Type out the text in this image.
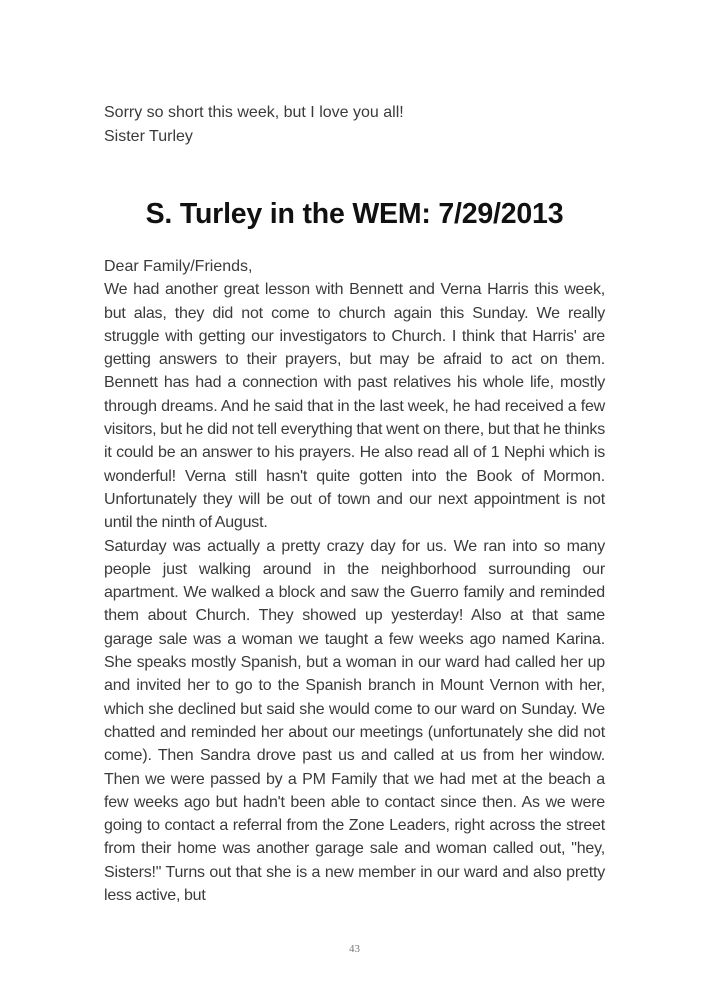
Sorry so short this week, but I love you all!

Sister Turley

S. Turley in the WEM: 7/29/2013

Dear Family/Friends,

We had another great lesson with Bennett and Verna Harris this week, but alas, they did not come to church again this Sunday. We really struggle with getting our investigators to Church. I think that Harris' are getting answers to their prayers, but may be afraid to act on them. Bennett has had a connection with past relatives his whole life, mostly through dreams. And he said that in the last week, he had received a few visitors, but he did not tell everything that went on there, but that he thinks it could be an answer to his prayers. He also read all of 1 Nephi which is wonderful! Verna still hasn't quite gotten into the Book of Mormon. Unfortunately they will be out of town and our next appointment is not until the ninth of August.

Saturday was actually a pretty crazy day for us. We ran into so many people just walking around in the neighborhood surrounding our apartment. We walked a block and saw the Guerro family and reminded them about Church. They showed up yesterday! Also at that same garage sale was a woman we taught a few weeks ago named Karina. She speaks mostly Spanish, but a woman in our ward had called her up and invited her to go to the Spanish branch in Mount Vernon with her, which she declined but said she would come to our ward on Sunday. We chatted and reminded her about our meetings (unfortunately she did not come). Then Sandra drove past us and called at us from her window. Then we were passed by a PM Family that we had met at the beach a few weeks ago but hadn't been able to contact since then. As we were going to contact a referral from the Zone Leaders, right across the street from their home was another garage sale and woman called out, "hey, Sisters!" Turns out that she is a new member in our ward and also pretty less active, but

43
